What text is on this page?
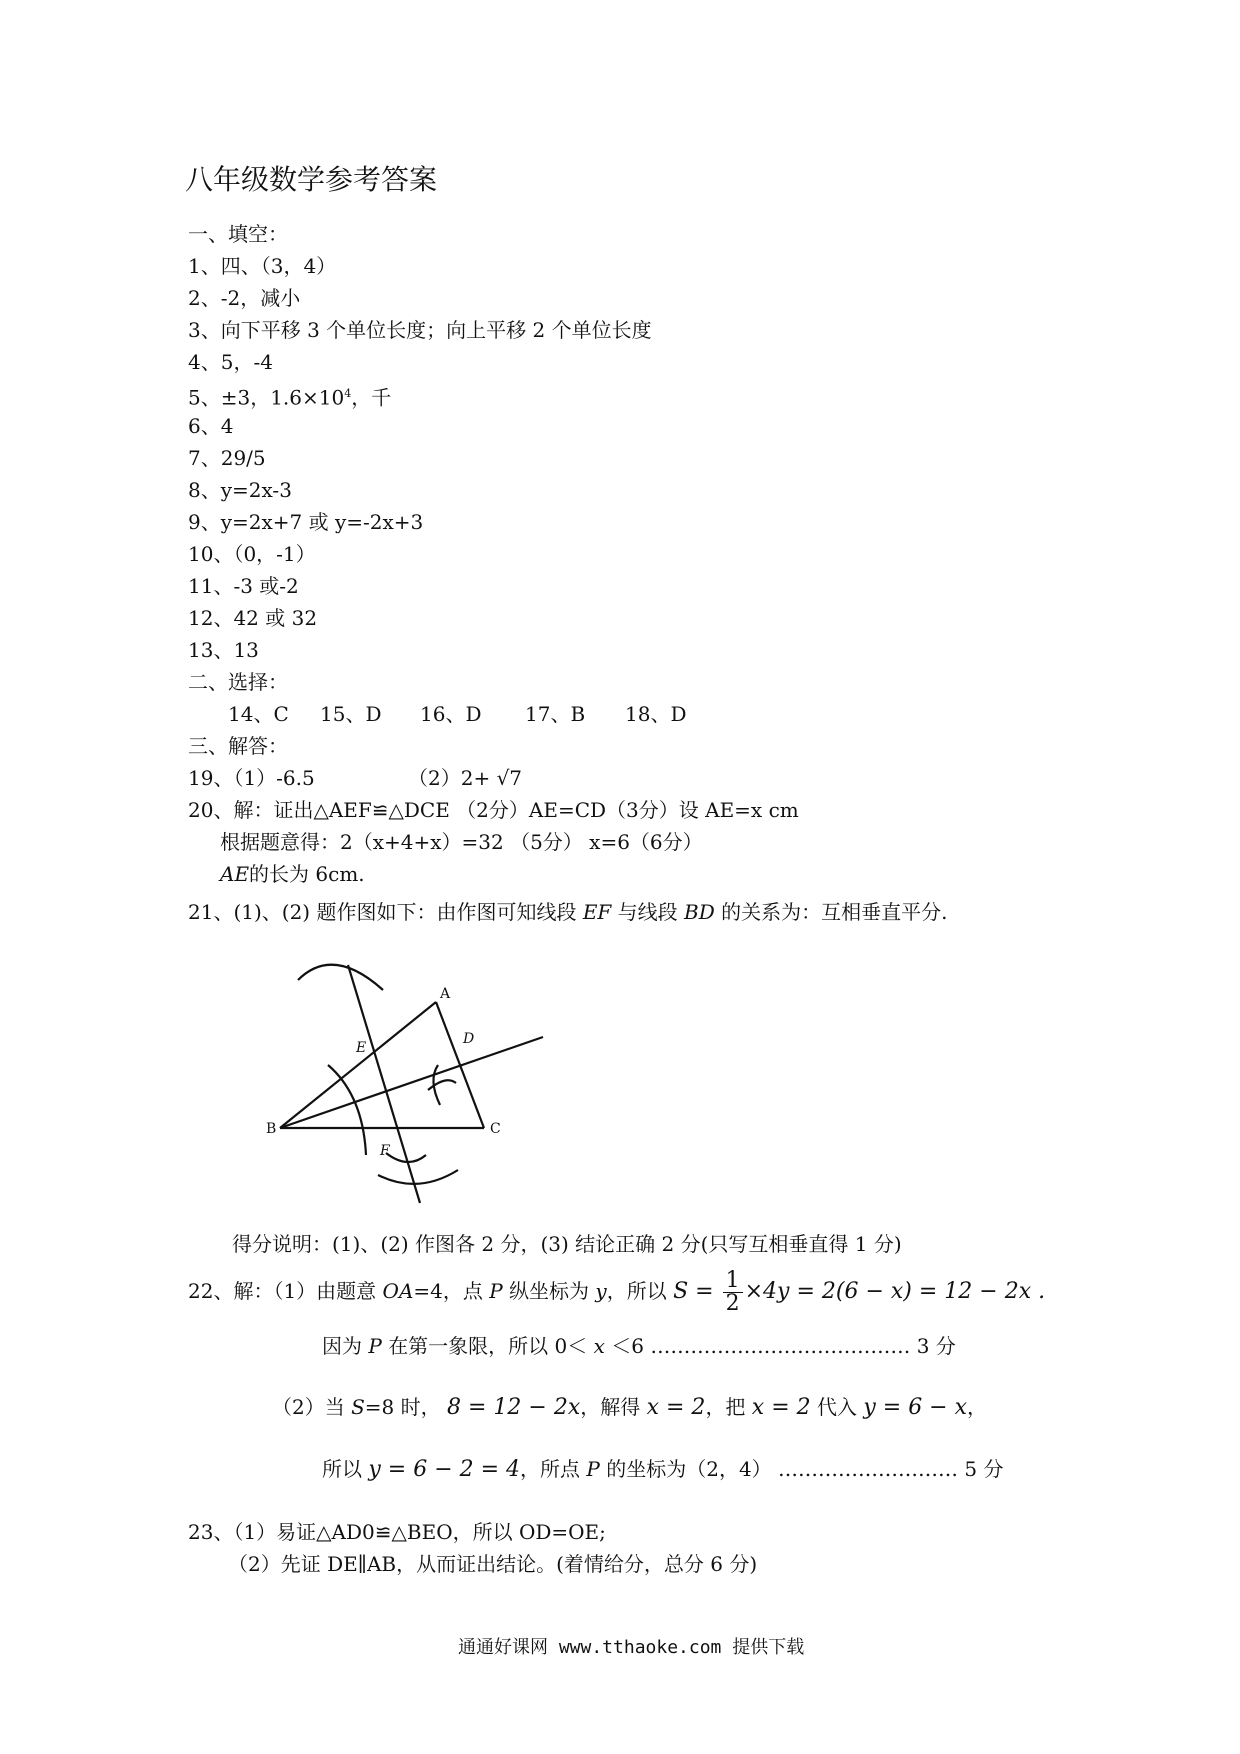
八年级数学参考答案
一、填空：
1、四、（3，4）
2、-2，减小
3、向下平移 3 个单位长度；向上平移 2 个单位长度
4、5，-4
5、±3，$1.6\times 10^4$，千
6、4
7、29/5
8、y=2x-3
9、y=2x+7 或 y=-2x+3
10、（0，-1）
11、-3 或-2
12、42 或 32
13、13
二、选择：
14、C 15、D 16、D 17、B 18、D
三、解答：
19、（1）-6.5	（2）2+ √7
20、解：证出△AEF≌△DCE （2分）AE=CD（3分）设 AE=x cm
根据题意得：2（x+4+x）=32 （5分） x=6（6分）
AE的长为 6cm.
21、(1)、(2) 题作图如下：由作图可知线段 EF 与线段 BD 的关系为：互相垂直平分.
A
B	C
D
E
F
得分说明：(1)、(2) 作图各 2 分，(3) 结论正确 2 分(只写互相垂直得 1 分)
22、解：（1）由题意 OA=4，点 P 纵坐标为 y，所以 $S = \frac{1}{2} \times 4y = 2(6 - x) = 12 - 2x$ .
因为 P 在第一象限，所以 0＜ x ＜6 ………………………………… 3 分
（2）当 S=8 时， 8 = 12 − 2x，解得 x = 2，把 x = 2 代入 y = 6 − x，
所以 y = 6 − 2 = 4，所点 P 的坐标为（2，4） ……………………… 5 分
23、（1）易证△AD0≌△BEO，所以 OD=OE;
（2）先证 DE∥AB，从而证出结论。(着情给分，总分 6 分)
通通好课网 www.tthaoke.com 提供下载
